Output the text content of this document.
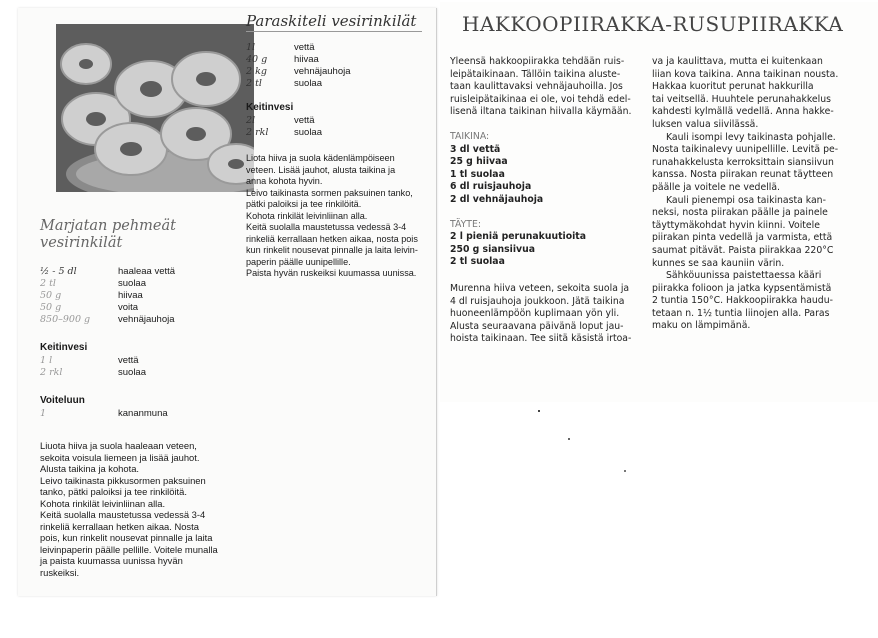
Paraskiteli vesirinkilät
1l	vettä
40 g	hiivaa
2 kg	vehnäjauhoja
2 tl	suolaa
Keitinvesi
2l	vettä
2 rkl	suolaa
Liota hiiva ja suola kädenlämpöiseen
veteen. Lisää jauhot, alusta taikina ja
anna kohota hyvin.
Leivo taikinasta sormen paksuinen tanko,
pätki paloiksi ja tee rinkilöitä.
Kohota rinkilät leivinliinan alla.
Keitä suolalla maustetussa vedessä 3-4
rinkeliä kerrallaan hetken aikaa, nosta pois
kun rinkelit nousevat pinnalle ja laita leivin-
paperin päälle uunipellille.
Paista hyvän ruskeiksi kuumassa uunissa.
Marjatan pehmeät
vesirinkilät
½ - 5 dl	haaleaa vettä
2 tl	suolaa
50 g	hiivaa
50 g	voita
850–900 g	vehnäjauhoja
Keitinvesi
1 l	vettä
2 rkl	suolaa
Voiteluun
1	kananmuna
Liuota hiiva ja suola haaleaan veteen,
sekoita voisula liemeen ja lisää jauhot.
Alusta taikina ja kohota.
Leivo taikinasta pikkusormen paksuinen
tanko, pätki paloiksi ja tee rinkilöitä.
Kohota rinkilät leivinliinan alla.
Keitä suolalla maustetussa vedessä 3-4
rinkeliä kerrallaan hetken aikaa. Nosta
pois, kun rinkelit nousevat pinnalle ja laita
leivinpaperin päälle pellille. Voitele munalla
ja paista kuumassa uunissa hyvän
ruskeiksi.
HAKKOOPIIRAKKA-RUSUPIIRAKKA
Yleensä hakkoopiirakka tehdään ruis-
leipätaikinaan. Tällöin taikina aluste-
taan kaulittavaksi vehnäjauhoilla. Jos
ruisleipätaikinaa ei ole, voi tehdä edel-
lisenä iltana taikinan hiivalla käymään.
TAIKINA:
3 dl vettä
25 g hiivaa
1 tl suolaa
6 dl ruisjauhoja
2 dl vehnäjauhoja
TÄYTE:
2 l pieniä perunakuutioita
250 g siansiivua
2 tl suolaa
Murenna hiiva veteen, sekoita suola ja
4 dl ruisjauhoja joukkoon. Jätä taikina
huoneenlämpöön kuplimaan yön yli.
Alusta seuraavana päivänä loput jau-
hoista taikinaan. Tee siitä käsistä irtoa-
va ja kaulittava, mutta ei kuitenkaan
liian kova taikina. Anna taikinan nousta.
Hakkaa kuoritut perunat hakkurilla
tai veitsellä. Huuhtele perunahakkelus
kahdesti kylmällä vedellä. Anna hakke-
luksen valua siivilässä.
Kauli isompi levy taikinasta pohjalle.
Nosta taikinalevy uunipellille. Levitä pe-
runahakkelusta kerroksittain siansiivun
kanssa. Nosta piirakan reunat täytteen
päälle ja voitele ne vedellä.
Kauli pienempi osa taikinasta kan-
neksi, nosta piirakan päälle ja painele
täyttymäkohdat hyvin kiinni. Voitele
piirakan pinta vedellä ja varmista, että
saumat pitävät. Paista piirakkaa 220°C
kunnes se saa kauniin värin.
Sähköuunissa paistettaessa kääri
piirakka folioon ja jatka kypsentämistä
2 tuntia 150°C. Hakkoopiirakka haudu-
tetaan n. 1½ tuntia liinojen alla. Paras
maku on lämpimänä.
